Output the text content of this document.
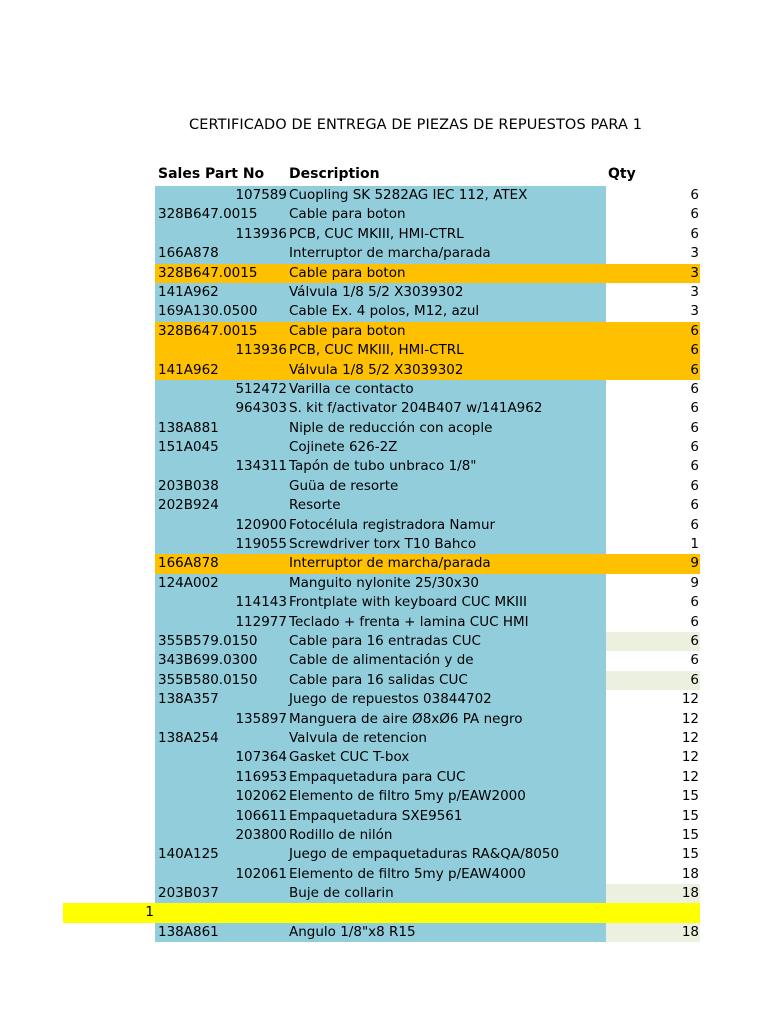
CERTIFICADO DE ENTREGA DE PIEZAS DE REPUESTOS PARA 1
Sales Part No Description	Qty
107589 Cuopling SK 5282AG IEC 112, ATEX	6
328B647.0015 Cable para boton	6
113936 PCB, CUC MKIII, HMI-CTRL	6
166A878	Interruptor de marcha/parada	3
328B647.0015 Cable para boton	3
141A962	Válvula 1/8 5/2 X3039302	3
169A130.0500 Cable Ex. 4 polos, M12, azul	3
328B647.0015 Cable para boton	6
113936 PCB, CUC MKIII, HMI-CTRL	6
141A962	Válvula 1/8 5/2 X3039302	6
512472 Varilla ce contacto	6
964303 S. kit f/activator 204B407 w/141A962	6
138A881	Niple de reducción con acople	6
151A045	Cojinete 626-2Z	6
134311 Tapón de tubo unbraco 1/8"	6
203B038	Guüa de resorte	6
202B924	Resorte	6
120900 Fotocélula registradora Namur	6
119055 Screwdriver torx T10 Bahco	1
166A878	Interruptor de marcha/parada	9
124A002	Manguito nylonite 25/30x30	9
114143 Frontplate with keyboard CUC MKIII	6
112977 Teclado + frenta + lamina CUC HMI	6
355B579.0150 Cable para 16 entradas CUC	6
343B699.0300 Cable de alimentación y de	6
355B580.0150 Cable para 16 salidas CUC	6
138A357	Juego de repuestos 03844702	12
135897 Manguera de aire Ø8xØ6 PA negro	12
138A254	Valvula de retencion	12
107364 Gasket CUC T-box	12
116953 Empaquetadura para CUC	12
102062 Elemento de filtro 5my p/EAW2000	15
106611 Empaquetadura SXE9561	15
203800 Rodillo de nilón	15
140A125	Juego de empaquetaduras RA&QA/8050	15
102061 Elemento de filtro 5my p/EAW4000	18
203B037	Buje de collarin	18
1
138A861	Angulo 1/8"x8 R15	18
